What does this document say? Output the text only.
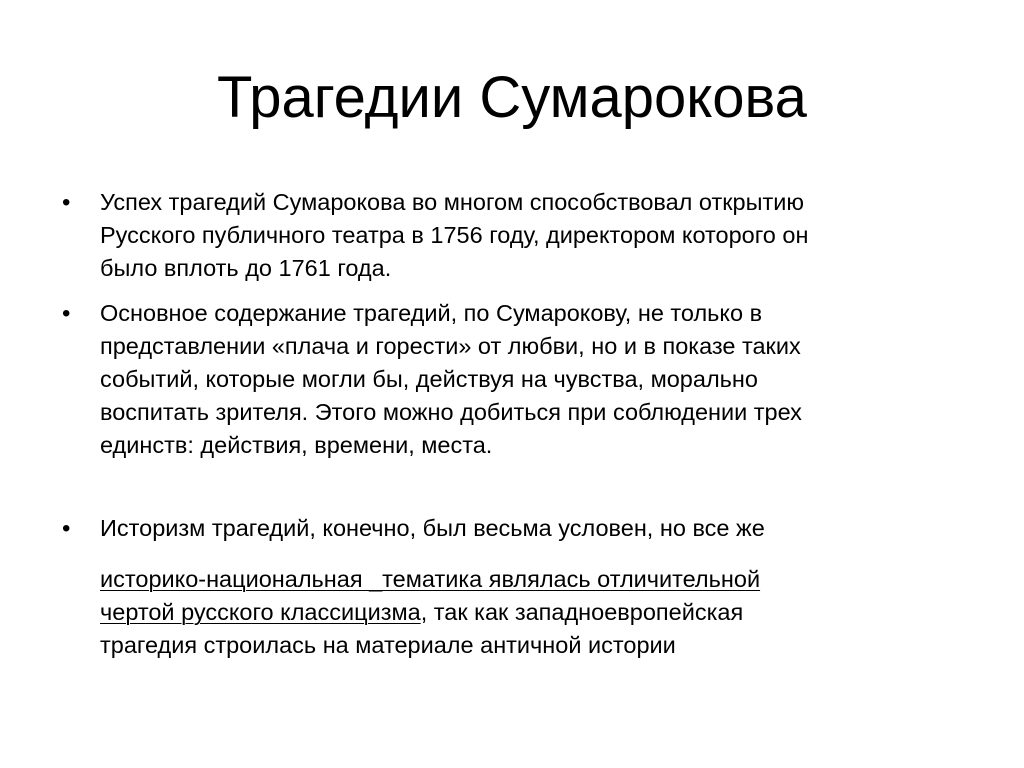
Трагедии Сумарокова
•	Успех трагедий Сумарокова во многом способствовал открытию
Русского публичного театра в 1756 году, директором которого он
было вплоть до 1761 года.

•	Основное содержание трагедий, по Сумарокову, не только в
представлении «плача и горести» от любви, но и в показе таких
событий, которые могли бы, действуя на чувства, морально
воспитать зрителя. Этого можно добиться при соблюдении трех
единств: действия, времени, места.

•	Историзм трагедий, конечно, был весьма условен, но все же

историко-национальная _тематика являлась отличительной
чертой русского классицизма, так как западноевропейская
трагедия строилась на материале античной истории
